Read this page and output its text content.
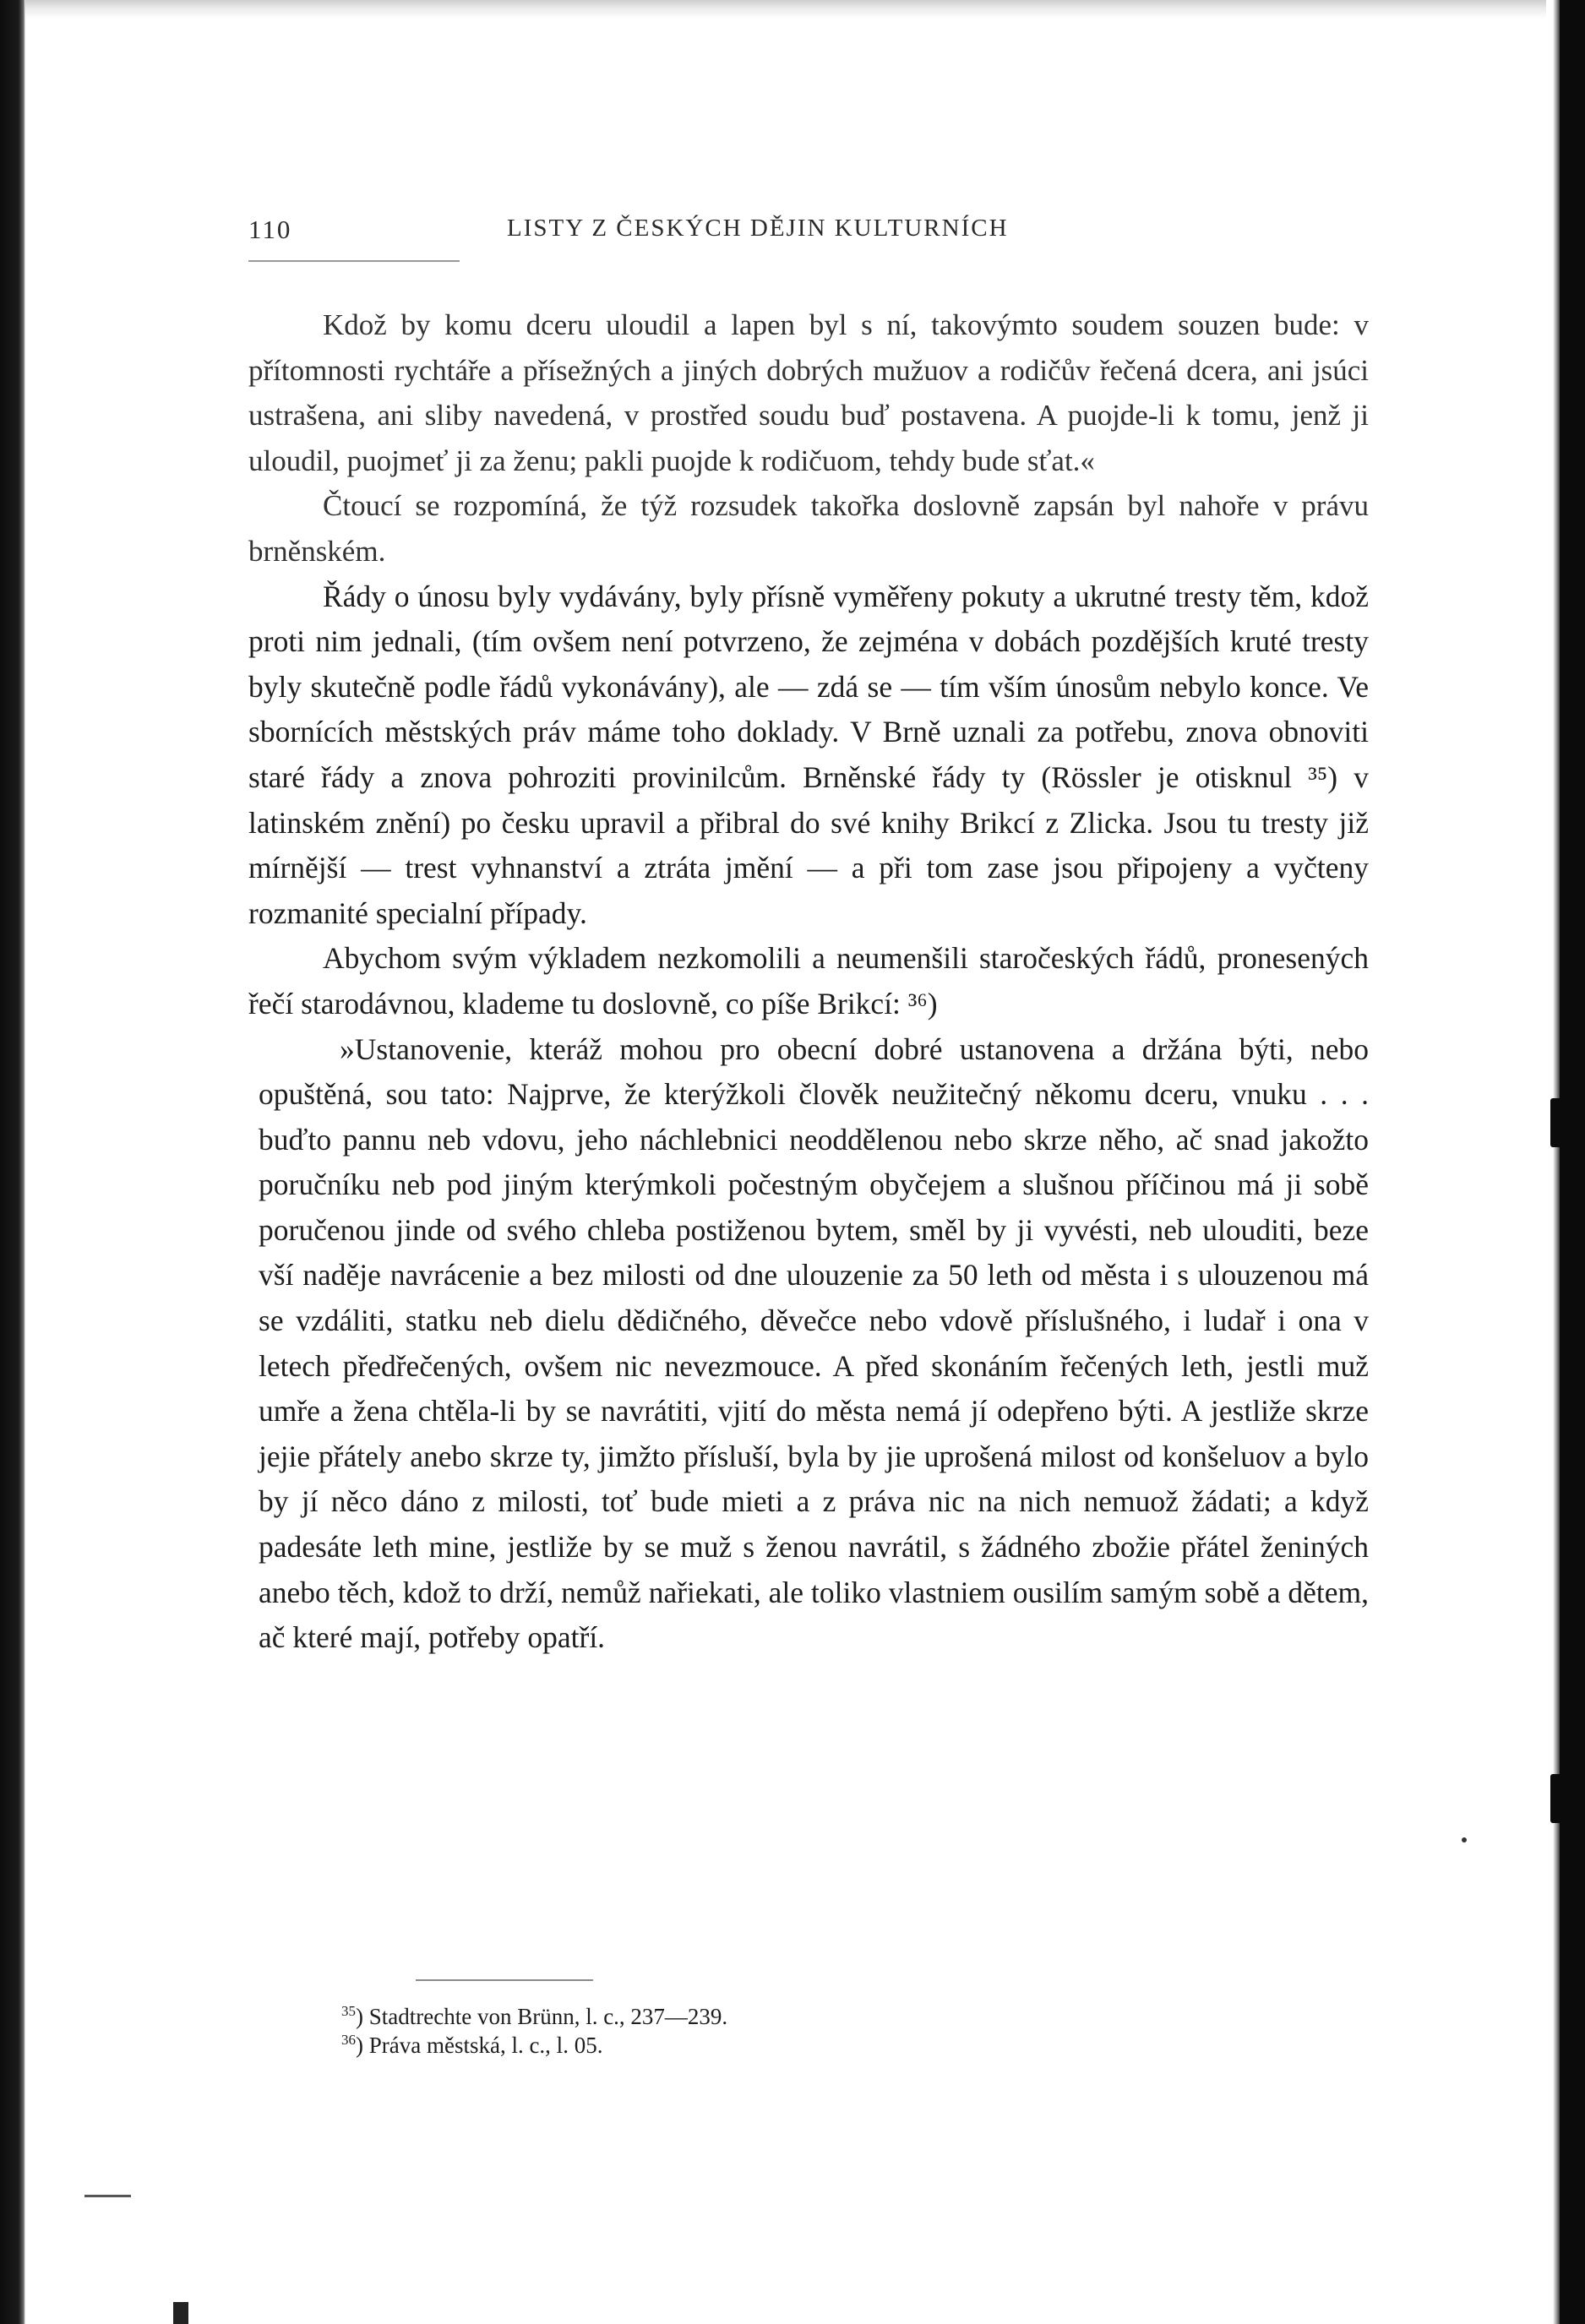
110	LISTY Z ČESKÝCH DĚJIN KULTURNÍCH

Kdož by komu dceru uloudil a lapen byl s ní, takovýmto soudem souzen bude: v přítomnosti rychtáře a přísežných a jiných dobrých mužuov a rodičův řečená dcera, ani jsúci ustrašena, ani sliby navedená, v prostřed soudu buď postavena. A puojde-li k tomu, jenž ji uloudil, puojmeť ji za ženu; pakli puojde k rodičuom, tehdy bude sťat.«

Čtoucí se rozpomíná, že týž rozsudek takořka doslovně zapsán byl nahoře v právu brněnském.

Řády o únosu byly vydávány, byly přísně vyměřeny pokuty a ukrutné tresty těm, kdož proti nim jednali, (tím ovšem není potvrzeno, že zejména v dobách pozdějších kruté tresty byly skutečně podle řádů vykonávány), ale — zdá se — tím vším únosům nebylo konce. Ve sbornících městských práv máme toho doklady. V Brně uznali za potřebu, znova obnoviti staré řády a znova pohroziti provinilcům. Brněnské řády ty (Rössler je otisknul ³⁵) v latinském znění) po česku upravil a přibral do své knihy Brikcí z Zlicka. Jsou tu tresty již mírnější — trest vyhnanství a ztráta jmění — a při tom zase jsou připojeny a vyčteny rozmanité specialní případy.

Abychom svým výkladem nezkomolili a neumenšili staročeských řádů, pronesených řečí starodávnou, klademe tu doslovně, co píše Brikcí: ³⁶)

»Ustanovenie, kteráž mohou pro obecní dobré ustanovena a držána býti, nebo opuštěná, sou tato: Najprve, že kterýžkoli člověk neužitečný někomu dceru, vnuku . . . buďto pannu neb vdovu, jeho náchlebnici neoddělenou nebo skrze něho, ač snad jakožto poručníku neb pod jiným kterýmkoli počestným obyčejem a slušnou příčinou má ji sobě poručenou jinde od svého chleba postiženou bytem, směl by ji vyvésti, neb ulouditi, beze vší naděje navrácenie a bez milosti od dne ulouzenie za 50 leth od města i s ulouzenou má se vzdáliti, statku neb dielu dědičného, děvečce nebo vdově příslušného, i ludař i ona v letech předřečených, ovšem nic nevezmouce. A před skonáním řečených leth, jestli muž umře a žena chtěla-li by se navrátiti, vjití do města nemá jí odepřeno býti. A jestliže skrze jejie přátely anebo skrze ty, jimžto přísluší, byla by jie uprošená milost od konšeluov a bylo by jí něco dáno z milosti, toť bude mieti a z práva nic na nich nemuož žádati; a když padesáte leth mine, jestliže by se muž s ženou navrátil, s žádného zbožie přátel ženiných anebo těch, kdož to drží, nemůž nařiekati, ale toliko vlastniem ousilím samým sobě a dětem, ač které mají, potřeby opatří.

$^{35}$) Stadtrechte von Brünn, l. c., 237—239.
$^{36}$) Práva městská, l. c., l. 05.
